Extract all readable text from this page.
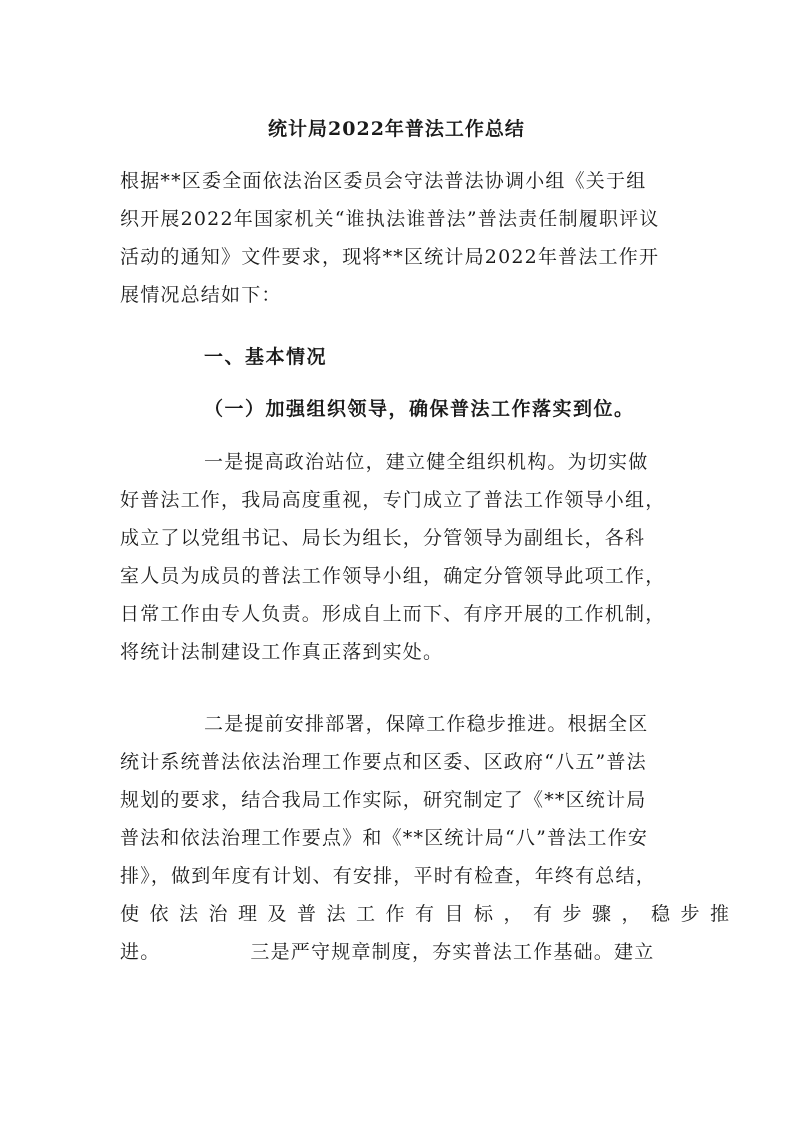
统计局2022年普法工作总结
根据**区委全面依法治区委员会守法普法协调小组《关于组
织开展2022年国家机关“谁执法谁普法”普法责任制履职评议
活动的通知》文件要求，现将**区统计局2022年普法工作开
展情况总结如下：
一、基本情况
（一）加强组织领导，确保普法工作落实到位。
一是提高政治站位，建立健全组织机构。为切实做
好普法工作，我局高度重视，专门成立了普法工作领导小组，
成立了以党组书记、局长为组长，分管领导为副组长，各科
室人员为成员的普法工作领导小组，确定分管领导此项工作，
日常工作由专人负责。形成自上而下、有序开展的工作机制，
将统计法制建设工作真正落到实处。
二是提前安排部署，保障工作稳步推进。根据全区
统计系统普法依法治理工作要点和区委、区政府“八五”普法
规划的要求，结合我局工作实际，研究制定了《**区统计局
普法和依法治理工作要点》和《**区统计局“八”普法工作安
排》，做到年度有计划、有安排，平时有检查，年终有总结，
使依法治理及普法工作有目标，有步骤，稳步推
进。	三是严守规章制度，夯实普法工作基础。建立
